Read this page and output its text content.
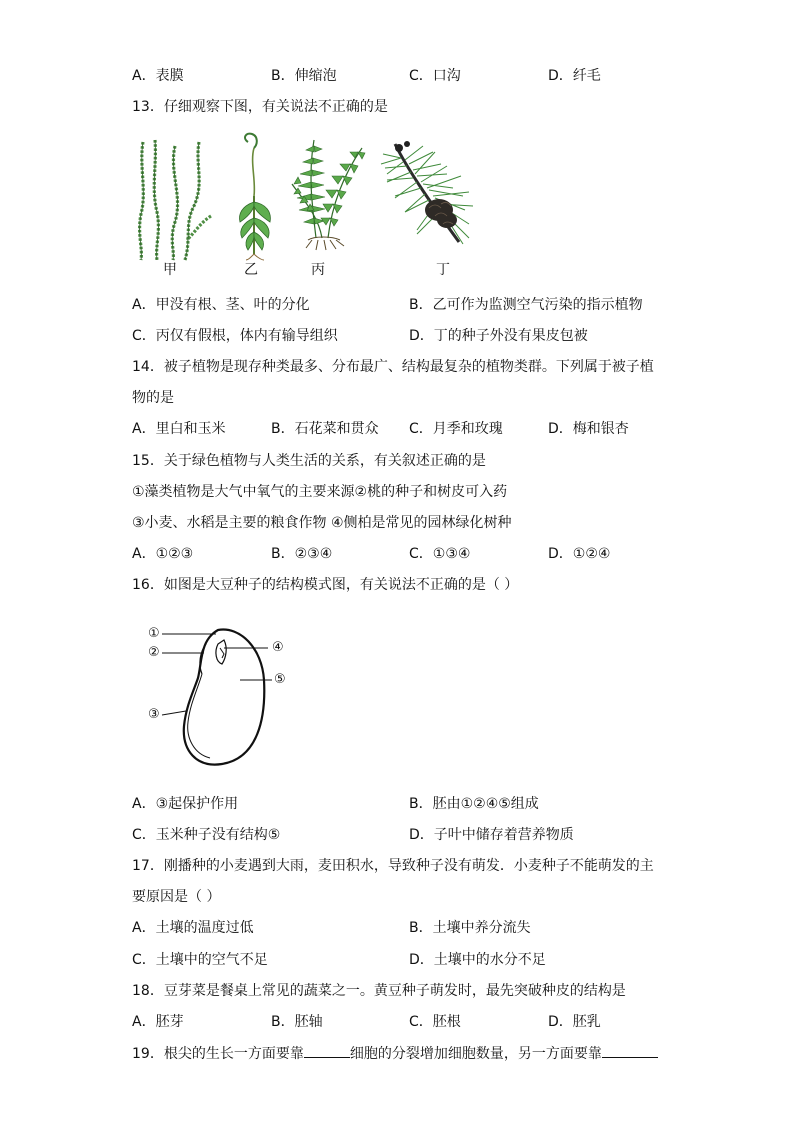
A．表膜	B．伸缩泡	C．口沟	D．纤毛
13．仔细观察下图，有关说法不正确的是
甲	乙	丙	丁
A．甲没有根、茎、叶的分化	B．乙可作为监测空气污染的指示植物
C．丙仅有假根，体内有输导组织	D．丁的种子外没有果皮包被
14．被子植物是现存种类最多、分布最广、结构最复杂的植物类群。下列属于被子植
物的是
A．里白和玉米	B．石花菜和贯众 C．月季和玫瑰	D．梅和银杏
15．关于绿色植物与人类生活的关系，有关叙述正确的是
①藻类植物是大气中氧气的主要来源②桃的种子和树皮可入药
③小麦、水稻是主要的粮食作物 ④侧柏是常见的园林绿化树种
A．①②③	B．②③④	C．①③④	D．①②④
16．如图是大豆种子的结构模式图，有关说法不正确的是（ ）
①
②
③
④
⑤
A．③起保护作用	B．胚由①②④⑤组成
C．玉米种子没有结构⑤	D．子叶中储存着营养物质
17．刚播种的小麦遇到大雨，麦田积水，导致种子没有萌发．小麦种子不能萌发的主
要原因是（ ）
A．土壤的温度过低	B．土壤中养分流失
C．土壤中的空气不足	D．土壤中的水分不足
18．豆芽菜是餐桌上常见的蔬菜之一。黄豆种子萌发时，最先突破种皮的结构是
A．胚芽	B．胚轴	C．胚根	D．胚乳
19．根尖的生长一方面要靠	细胞的分裂增加细胞数量，另一方面要靠
